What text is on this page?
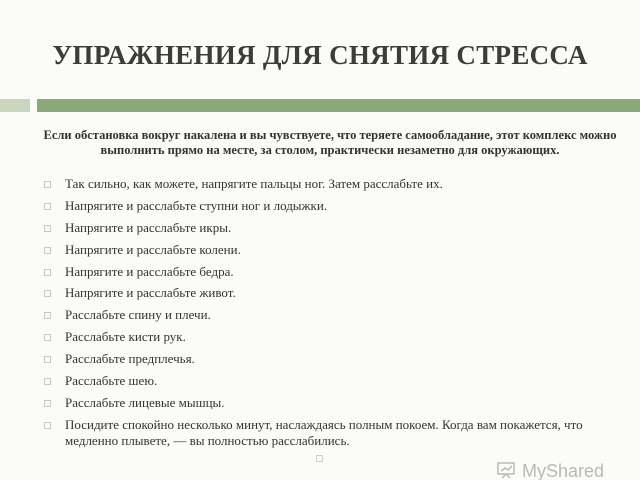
УПРАЖНЕНИЯ ДЛЯ СНЯТИЯ СТРЕССА
Если обстановка вокруг накалена и вы чувствуете, что теряете самообладание, этот комплекс можно выполнить прямо на месте, за столом, практически незаметно для окружающих.
Так сильно, как можете, напрягите пальцы ног. Затем расслабьте их.
Напрягите и расслабьте ступни ног и лодыжки.
Напрягите и расслабьте икры.
Напрягите и расслабьте колени.
Напрягите и расслабьте бедра.
Напрягите и расслабьте живот.
Расслабьте спину и плечи.
Расслабьте кисти рук.
Расслабьте предплечья.
Расслабьте шею.
Расслабьте лицевые мышцы.
Посидите спокойно несколько минут, наслаждаясь полным покоем. Когда вам покажется, что медленно плывете, — вы полностью расслабились.
MyShared
